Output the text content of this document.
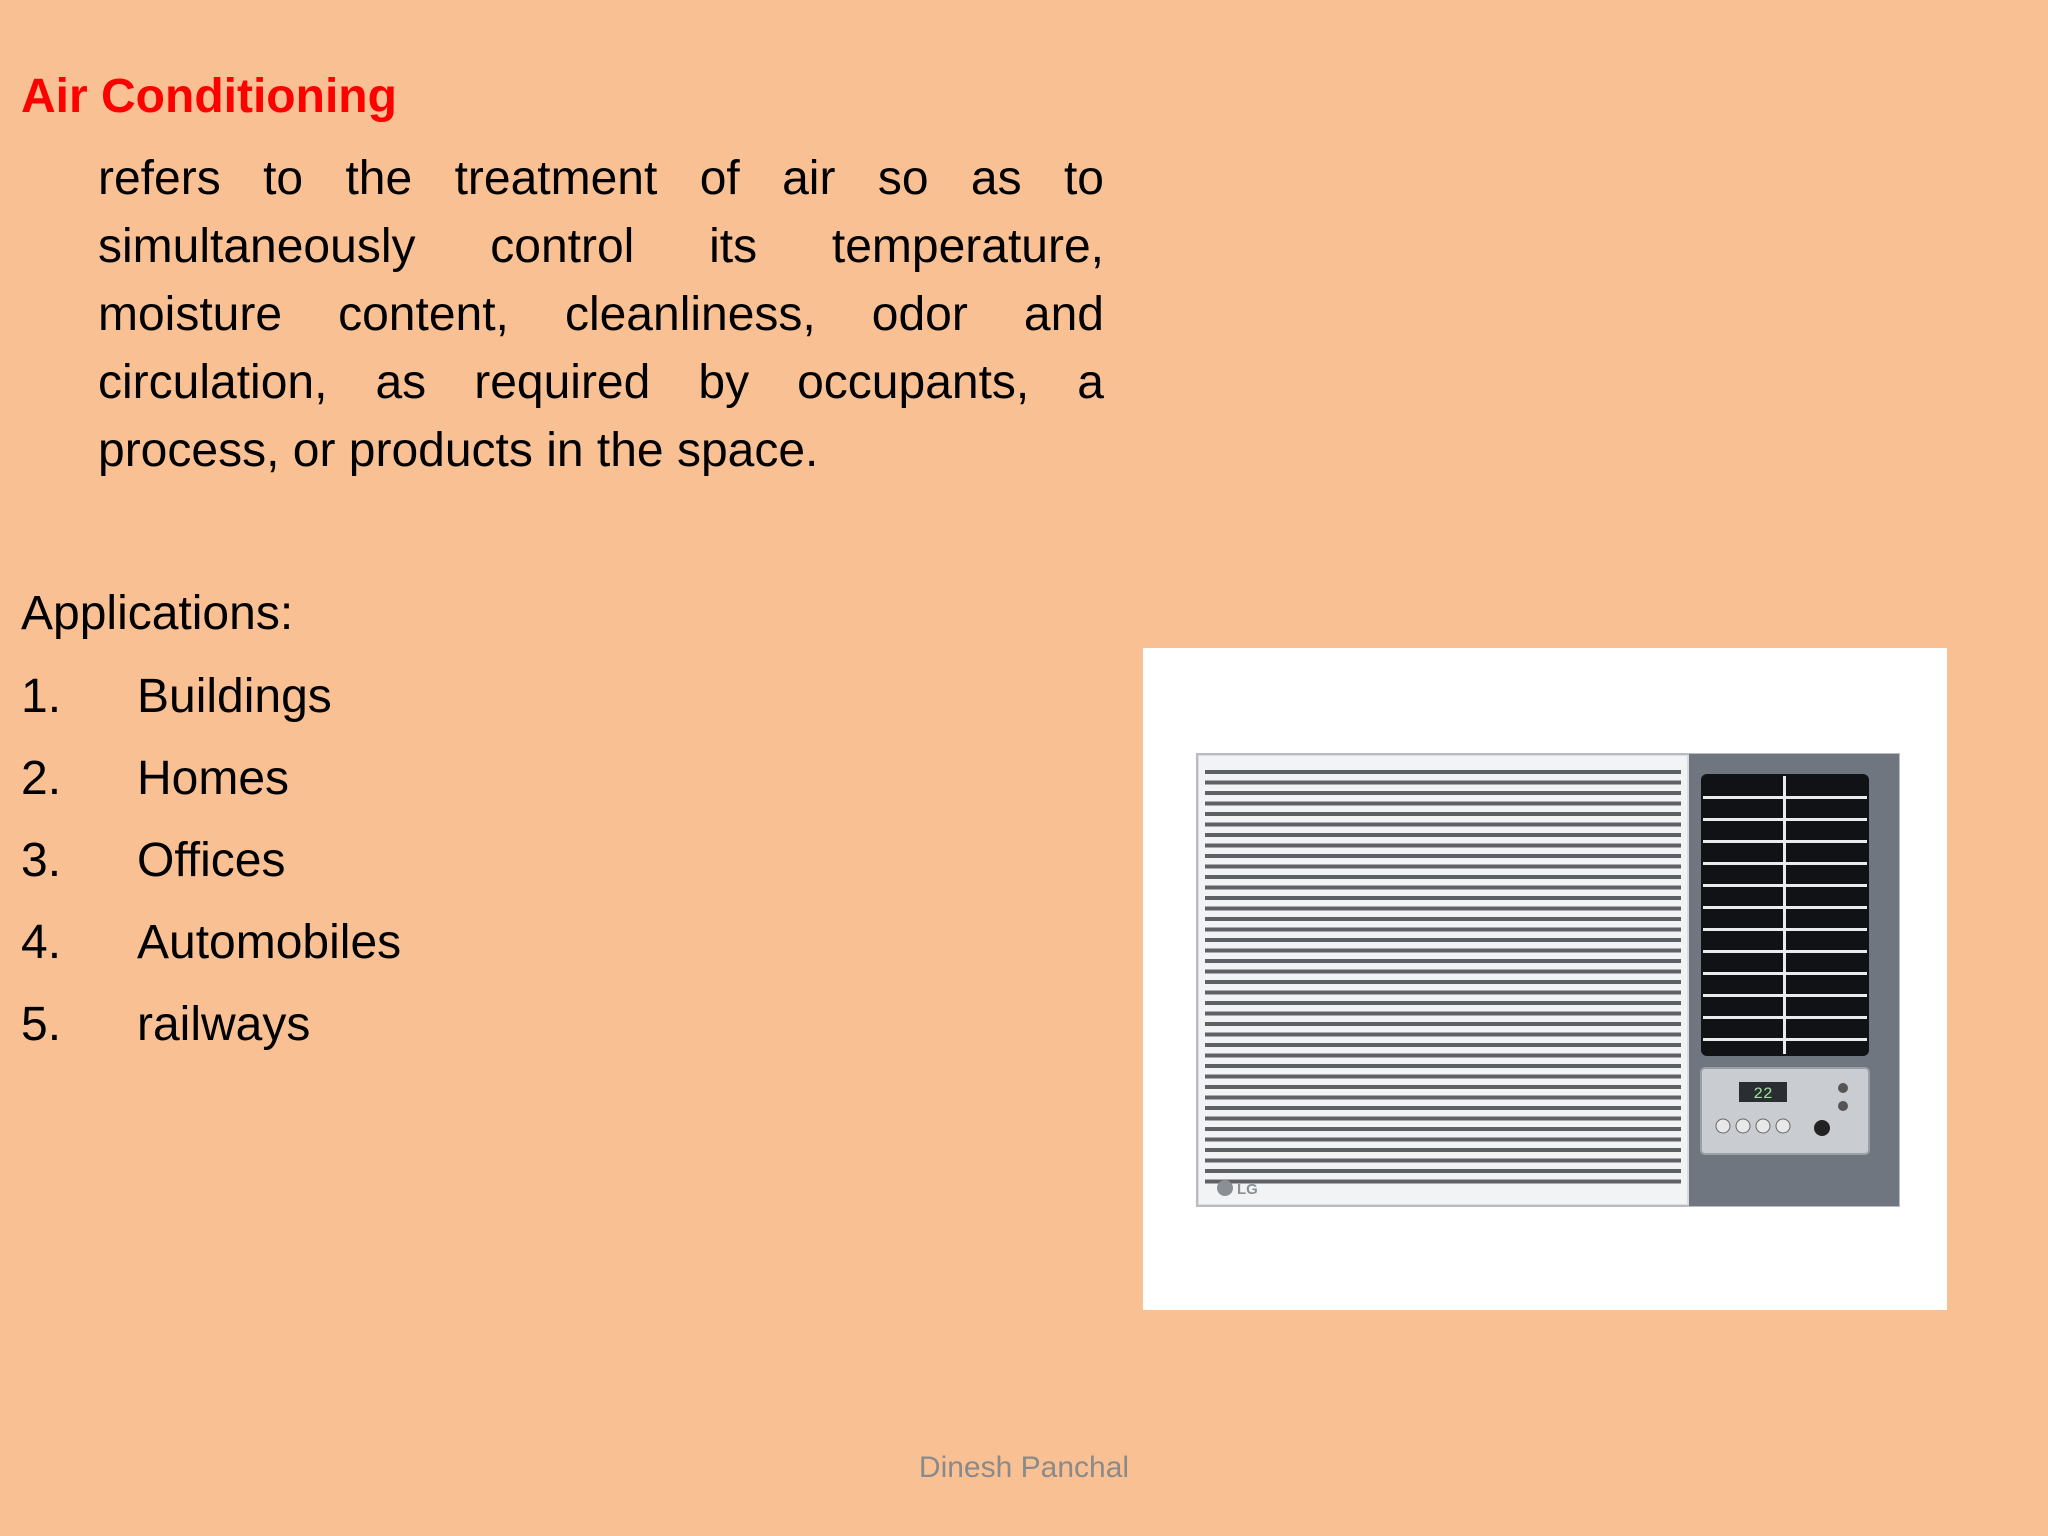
Air Conditioning

refers to the treatment of air so as to simultaneously control its temperature, moisture content, cleanliness, odor and circulation, as required by occupants, a process, or products in the space.

Applications:

1.	Buildings
2.	Homes
3.	Offices
4.	Automobiles
5.	railways
22
LG
Dinesh Panchal
